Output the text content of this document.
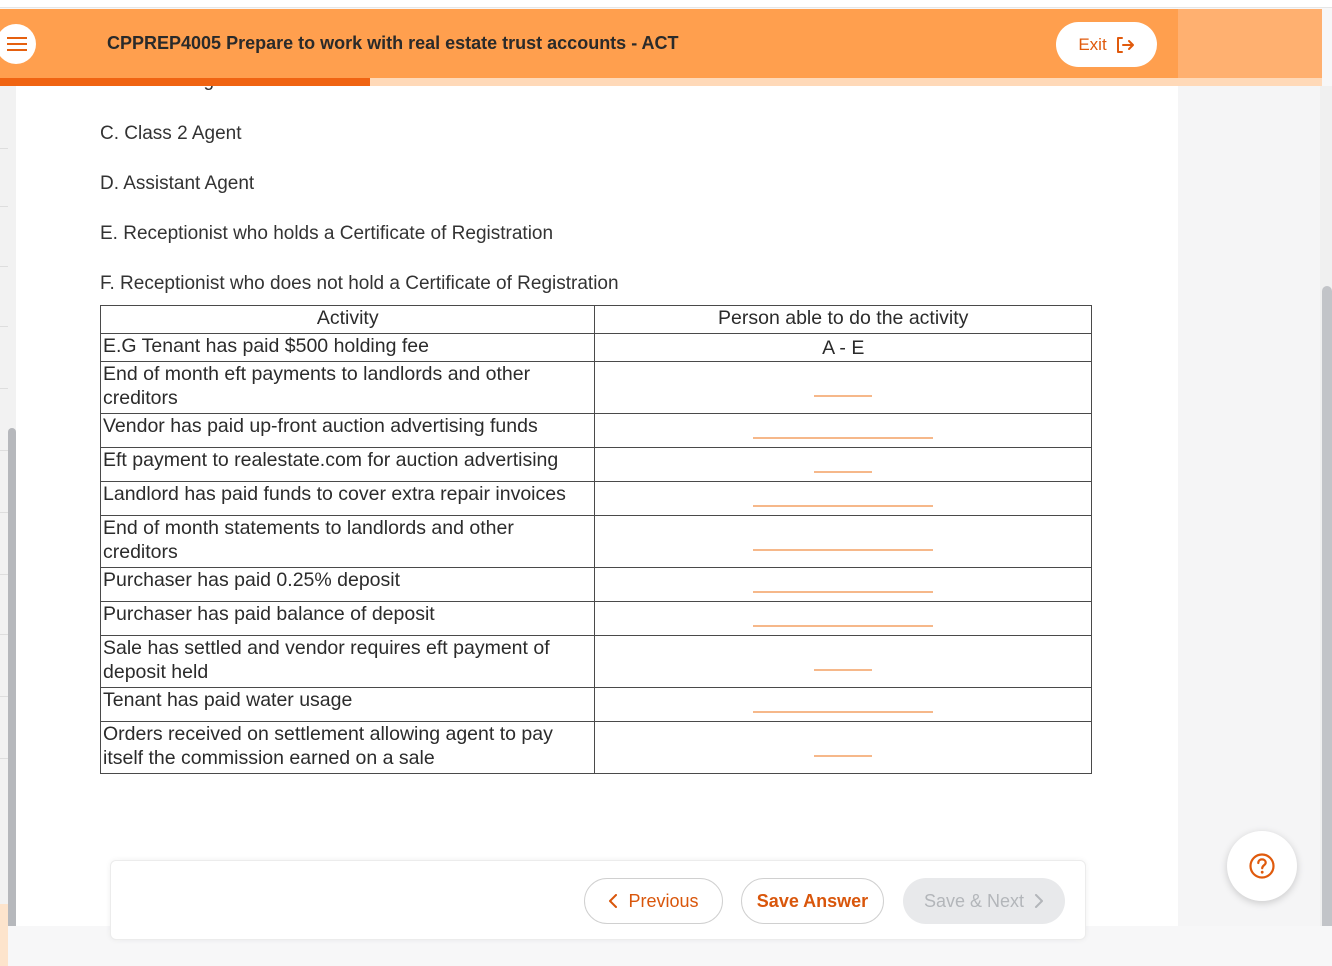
C. Class 2 Agent
D. Assistant Agent
E. Receptionist who holds a Certificate of Registration
F. Receptionist who does not hold a Certificate of Registration
Activity	Person able to do the activity
E.G Tenant has paid $500 holding fee	A - E
End of month eft payments to landlords and other creditors	
Vendor has paid up-front auction advertising funds	
Eft payment to realestate.com for auction advertising	
Landlord has paid funds to cover extra repair invoices	
End of month statements to landlords and other creditors	
Purchaser has paid 0.25% deposit	
Purchaser has paid balance of deposit	
Sale has settled and vendor requires eft payment of deposit held	
Tenant has paid water usage	
Orders received on settlement allowing agent to pay itself the commission earned on a sale	
CPPREP4005 Prepare to work with real estate trust accounts - ACT	Exit
Previous	Save Answer	Save & Next
